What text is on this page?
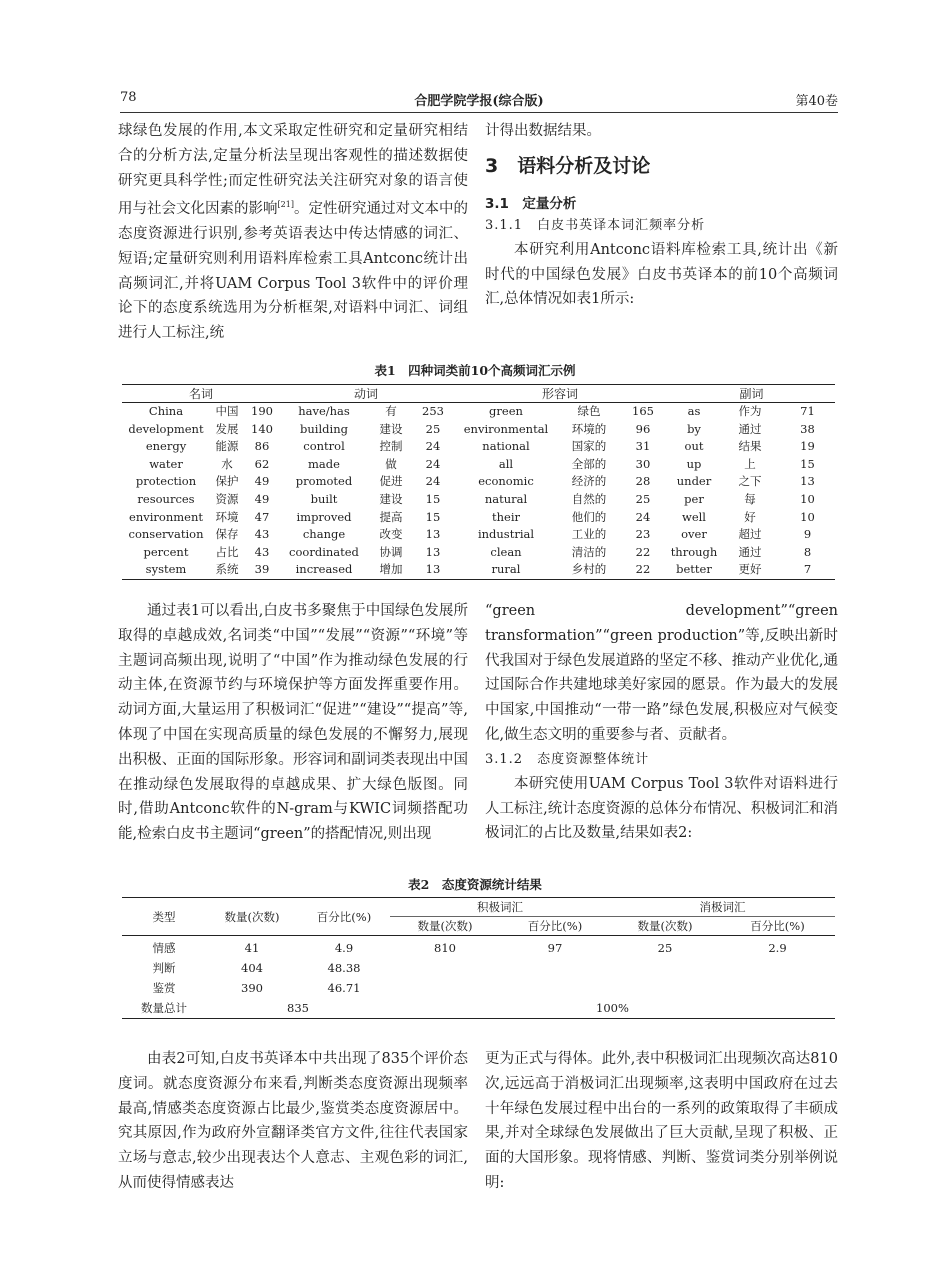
78	合肥学院学报(综合版)	第40卷

球绿色发展的作用,本文采取定性研究和定量研究相结合的分析方法,定量分析法呈现出客观性的描述数据使研究更具科学性;而定性研究法关注研究对象的语言使用与社会文化因素的影响[21]。定性研究通过对文本中的态度资源进行识别,参考英语表达中传达情感的词汇、短语;定量研究则利用语料库检索工具Antconc统计出高频词汇,并将UAM Corpus Tool 3软件中的评价理论下的态度系统选用为分析框架,对语料中词汇、词组进行人工标注,统

计得出数据结果。

3　语料分析及讨论
3.1　定量分析
3.1.1　白皮书英译本词汇频率分析

本研究利用Antconc语料库检索工具,统计出《新时代的中国绿色发展》白皮书英译本的前10个高频词汇,总体情况如表1所示:

表1　四种词类前10个高频词汇示例
名词			动词			形容词			副词		
China	中国	190	have/has	有	253	green	绿色	165	as	作为	71
development	发展	140	building	建设	25	environmental	环境的	96	by	通过	38
energy	能源	86	control	控制	24	national	国家的	31	out	结果	19
water	水	62	made	做	24	all	全部的	30	up	上	15
protection	保护	49	promoted	促进	24	economic	经济的	28	under	之下	13
resources	资源	49	built	建设	15	natural	自然的	25	per	每	10
environment	环境	47	improved	提高	15	their	他们的	24	well	好	10
conservation	保存	43	change	改变	13	industrial	工业的	23	over	超过	9
percent	占比	43	coordinated	协调	13	clean	清洁的	22	through	通过	8
system	系统	39	increased	增加	13	rural	乡村的	22	better	更好	7

通过表1可以看出,白皮书多聚焦于中国绿色发展所取得的卓越成效,名词类“中国”“发展”“资源”“环境”等主题词高频出现,说明了“中国”作为推动绿色发展的行动主体,在资源节约与环境保护等方面发挥重要作用。动词方面,大量运用了积极词汇“促进”“建设”“提高”等,体现了中国在实现高质量的绿色发展的不懈努力,展现出积极、正面的国际形象。形容词和副词类表现出中国在推动绿色发展取得的卓越成果、扩大绿色版图。同时,借助Antconc软件的N-gram与KWIC词频搭配功能,检索白皮书主题词“green”的搭配情况,则出现

“green development”“green transformation”“green production”等,反映出新时代我国对于绿色发展道路的坚定不移、推动产业优化,通过国际合作共建地球美好家园的愿景。作为最大的发展中国家,中国推动“一带一路”绿色发展,积极应对气候变化,做生态文明的重要参与者、贡献者。

3.1.2　态度资源整体统计

本研究使用UAM Corpus Tool 3软件对语料进行人工标注,统计态度资源的总体分布情况、积极词汇和消极词汇的占比及数量,结果如表2:

表2　态度资源统计结果
类型	数量(次数)	百分比(%)	积极词汇		消极词汇	
			数量(次数)	百分比(%)	数量(次数)	百分比(%)
情感	41	4.9	810	97	25	2.9
判断	404	48.38				
鉴赏	390	46.71				
数量总计	835		100%			

由表2可知,白皮书英译本中共出现了835个评价态度词。就态度资源分布来看,判断类态度资源出现频率最高,情感类态度资源占比最少,鉴赏类态度资源居中。究其原因,作为政府外宣翻译类官方文件,往往代表国家立场与意志,较少出现表达个人意志、主观色彩的词汇,从而使得情感表达

更为正式与得体。此外,表中积极词汇出现频次高达810次,远远高于消极词汇出现频率,这表明中国政府在过去十年绿色发展过程中出台的一系列的政策取得了丰硕成果,并对全球绿色发展做出了巨大贡献,呈现了积极、正面的大国形象。现将情感、判断、鉴赏词类分别举例说明:
